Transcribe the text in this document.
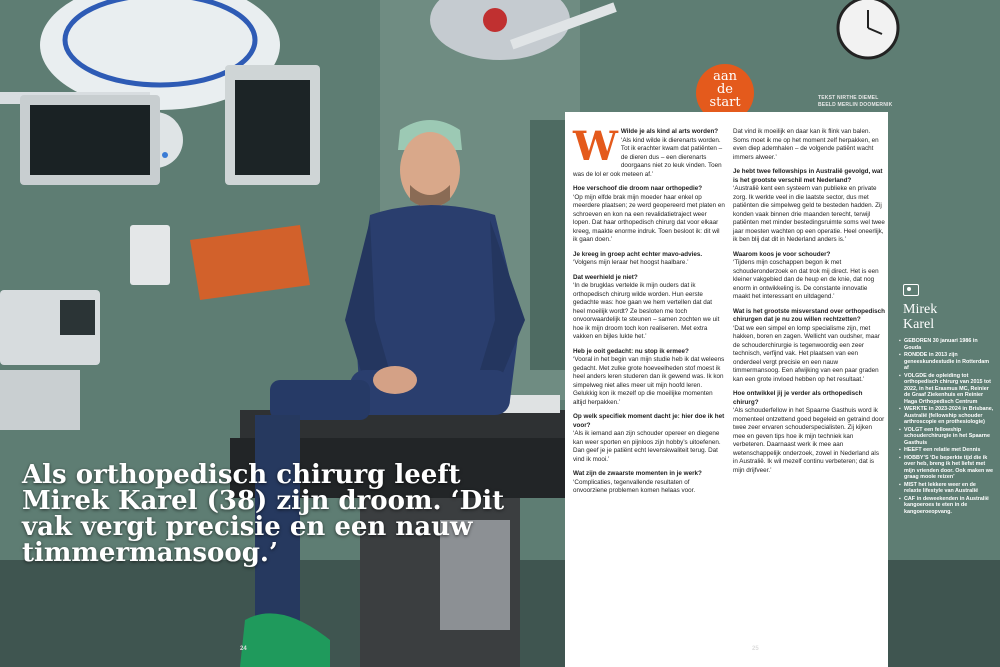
TEKST NIRTHE DIEMEL
BEELD MERLIN DOOMERNIK
aan
de
start
W Wilde je als kind al arts worden?

‘Als kind wilde ik dierenarts worden. Tot ik erachter kwam dat patiënten – de dieren dus – een dierenarts doorgaans niet zo leuk vinden. Toen was de lol er ook meteen af.’

Hoe verschoof die droom naar orthopedie?

‘Op mijn elfde brak mijn moeder haar enkel op meerdere plaatsen; ze werd geopereerd met platen en schroeven en kon na een revalidatietraject weer lopen. Dat haar orthopedisch chirurg dat voor elkaar kreeg, maakte enorme indruk. Toen besloot ik: dit wil ik gaan doen.’

Je kreeg in groep acht echter mavo-advies.

‘Volgens mijn leraar het hoogst haalbare.’

Dat weerhield je niet?

‘In de brugklas vertelde ik mijn ouders dat ik orthopedisch chirurg wilde worden. Hun eerste gedachte was: hoe gaan we hem vertellen dat dat heel moeilijk wordt? Ze besloten me toch onvoorwaardelijk te steunen – samen zochten we uit hoe ik mijn droom toch kon realiseren. Met extra vakken en bijles lukte het.’

Heb je ooit gedacht: nu stop ik ermee?

‘Vooral in het begin van mijn studie heb ik dat weleens gedacht. Met zulke grote hoeveelheden stof moest ik heel anders leren studeren dan ik gewend was. Ik kon simpelweg niet alles meer uit mijn hoofd leren. Gelukkig kon ik mezelf op die moeilijke momenten altijd herpakken.’

Op welk specifiek moment dacht je: hier doe ik het voor?

‘Als ik iemand aan zijn schouder opereer en diegene kan weer sporten en pijnloos zijn hobby’s uitoefenen. Dan geef je je patiënt echt levenskwaliteit terug. Dat vind ik mooi.’

Wat zijn de zwaarste momenten in je werk?

‘Complicaties, tegenvallende resultaten of onvoorziene problemen komen helaas voor.

Dat vind ik moeilijk en daar kan ik flink van balen. Soms moet ik me op het moment zelf herpakken, en even diep ademhalen – de volgende patiënt wacht immers alweer.’

Je hebt twee fellowships in Australië gevolgd, wat is het grootste verschil met Nederland?

‘Australië kent een systeem van publieke en private zorg. Ik werkte veel in die laatste sector, dus met patiënten die simpelweg geld te besteden hadden. Zij konden vaak binnen drie maanden terecht, terwijl patiënten met minder bestedingsruimte soms wel twee jaar moesten wachten op een operatie. Heel oneerlijk, ik ben blij dat dit in Nederland anders is.’

Waarom koos je voor schouder?

‘Tijdens mijn coschappen begon ik met schouderonderzoek en dat trok mij direct. Het is een kleiner vakgebied dan de heup en de knie, dat nog enorm in ontwikkeling is. De constante innovatie maakt het interessant en uitdagend.’

Wat is het grootste misverstand over orthopedisch chirurgen dat je nu zou willen rechtzetten?

‘Dat we een simpel en lomp specialisme zijn, met hakken, boren en zagen. Wellicht van oudsher, maar de schouderchirurgie is tegenwoordig een zeer technisch, verfijnd vak. Het plaatsen van een onderdeel vergt precisie en een nauw timmermansoog. Een afwijking van een paar graden kan een grote invloed hebben op het resultaat.’

Hoe ontwikkel jij je verder als orthopedisch chirurg?

‘Als schouderfellow in het Spaarne Gasthuis word ik momenteel ontzettend goed begeleid en getraind door twee zeer ervaren schouderspecialisten. Zij kijken mee en geven tips hoe ik mijn techniek kan verbeteren. Daarnaast werk ik mee aan wetenschappelijk onderzoek, zowel in Nederland als in Australië. Ik wil mezelf continu verbeteren; dat is mijn drijfveer.’

Als orthopedisch chirurg leeft Mirek Karel (38) zijn droom. ‘Dit vak vergt precisie en een nauw timmermansoog.’
Mirek
Karel
▪ GEBOREN 30 januari 1986 in Gouda
▪ RONDDE in 2013 zijn geneeskundestudie in Rotterdam af
▪ VOLGDE de opleiding tot orthopedisch chirurg van 2015 tot 2022, in het Erasmus MC, Reinier de Graaf Ziekenhuis en Reinier Haga Orthopedisch Centrum
▪ WERKTE in 2023-2024 in Brisbane, Australië (fellowship schouder arthroscopie en prothesiologie)
▪ VOLGT een fellowship schouderchirurgie in het Spaarne Gasthuis
▪ HEEFT een relatie met Dennis
▪ HOBBY’S ‘De beperkte tijd die ik over heb, breng ik het liefst met mijn vrienden door. Ook maken we graag mooie reizen’
▪ MIST het lekkere weer en de relaxte lifestyle van Australië
▪ CAF in deweekenden in Australië kangoeroes te eten in de kangoeroeopvang.
24	25
